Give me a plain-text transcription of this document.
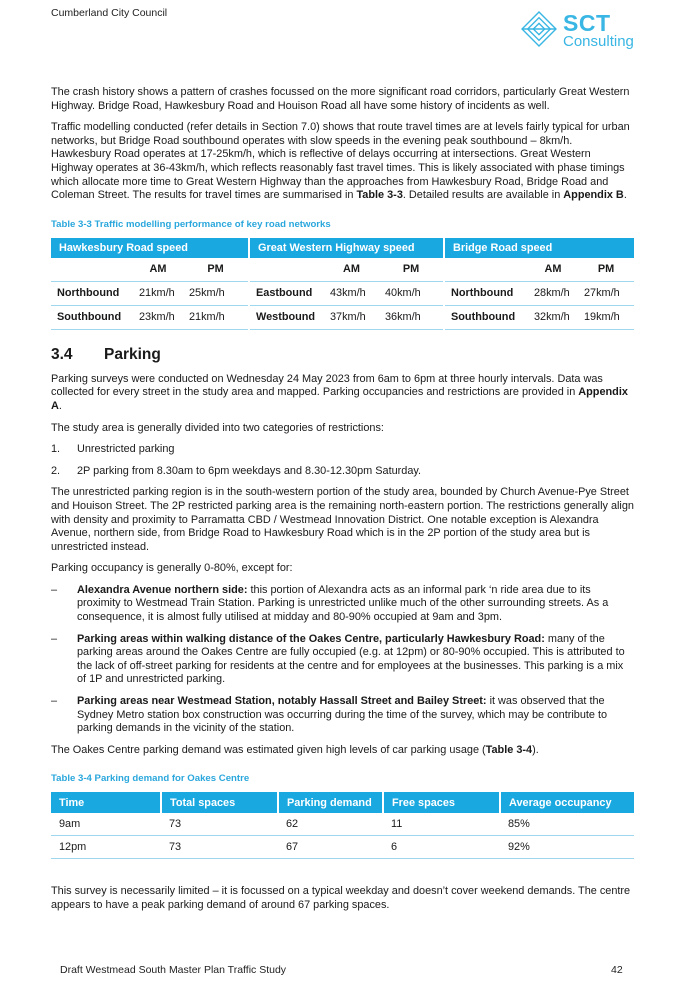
Cumberland City Council	SCT
Consulting

The crash history shows a pattern of crashes focussed on the more significant road corridors, particularly Great Western Highway. Bridge Road, Hawkesbury Road and Houison Road all have some history of incidents as well.

Traffic modelling conducted (refer details in Section 7.0) shows that route travel times are at levels fairly typical for urban networks, but Bridge Road southbound operates with slow speeds in the evening peak southbound – 8km/h. Hawkesbury Road operates at 17-25km/h, which is reflective of delays occurring at intersections. Great Western Highway operates at 36-43km/h, which reflects reasonably fast travel times. This is likely associated with phase timings which allocate more time to Great Western Highway than the approaches from Hawkesbury Road, Bridge Road and Coleman Street. The results for travel times are summarised in Table 3-3. Detailed results are available in Appendix B.

Table 3-3 Traffic modelling performance of key road networks
Hawkesbury Road speed			Great Western Highway speed			Bridge Road speed		
	AM	PM		AM	PM		AM	PM
Northbound	21km/h	25km/h	Eastbound	43km/h	40km/h	Northbound	28km/h	27km/h
Southbound	23km/h	21km/h	Westbound	37km/h	36km/h	Southbound	32km/h	19km/h
3.4	Parking

Parking surveys were conducted on Wednesday 24 May 2023 from 6am to 6pm at three hourly intervals. Data was collected for every street in the study area and mapped. Parking occupancies and restrictions are provided in Appendix A.

The study area is generally divided into two categories of restrictions:

1.	Unrestricted parking
2.	2P parking from 8.30am to 6pm weekdays and 8.30-12.30pm Saturday.

The unrestricted parking region is in the south-western portion of the study area, bounded by Church Avenue-Pye Street and Houison Street. The 2P restricted parking area is the remaining north-eastern portion. The restrictions generally align with density and proximity to Parramatta CBD / Westmead Innovation District. One notable exception is Alexandra Avenue, northern side, from Bridge Road to Hawkesbury Road which is in the 2P portion of the study area but is unrestricted instead.

Parking occupancy is generally 0-80%, except for:

–	Alexandra Avenue northern side: this portion of Alexandra acts as an informal park ‘n ride area due to its proximity to Westmead Train Station. Parking is unrestricted unlike much of the other surrounding streets. As a consequence, it is almost fully utilised at midday and 80-90% occupied at 9am and 3pm.
–	Parking areas within walking distance of the Oakes Centre, particularly Hawkesbury Road: many of the parking areas around the Oakes Centre are fully occupied (e.g. at 12pm) or 80-90% occupied. This is attributed to the lack of off-street parking for residents at the centre and for employees at the businesses. This parking is a mix of 1P and unrestricted parking.
–	Parking areas near Westmead Station, notably Hassall Street and Bailey Street: it was observed that the Sydney Metro station box construction was occurring during the time of the survey, which may be contribute to parking demands in the vicinity of the station.

The Oakes Centre parking demand was estimated given high levels of car parking usage (Table 3-4).

Table 3-4 Parking demand for Oakes Centre
Time	Total spaces	Parking demand	Free spaces	Average occupancy
9am	73	62	11	85%
12pm	73	67	6	92%

This survey is necessarily limited – it is focussed on a typical weekday and doesn’t cover weekend demands. The centre appears to have a peak parking demand of around 67 parking spaces.

Draft Westmead South Master Plan Traffic Study	42
